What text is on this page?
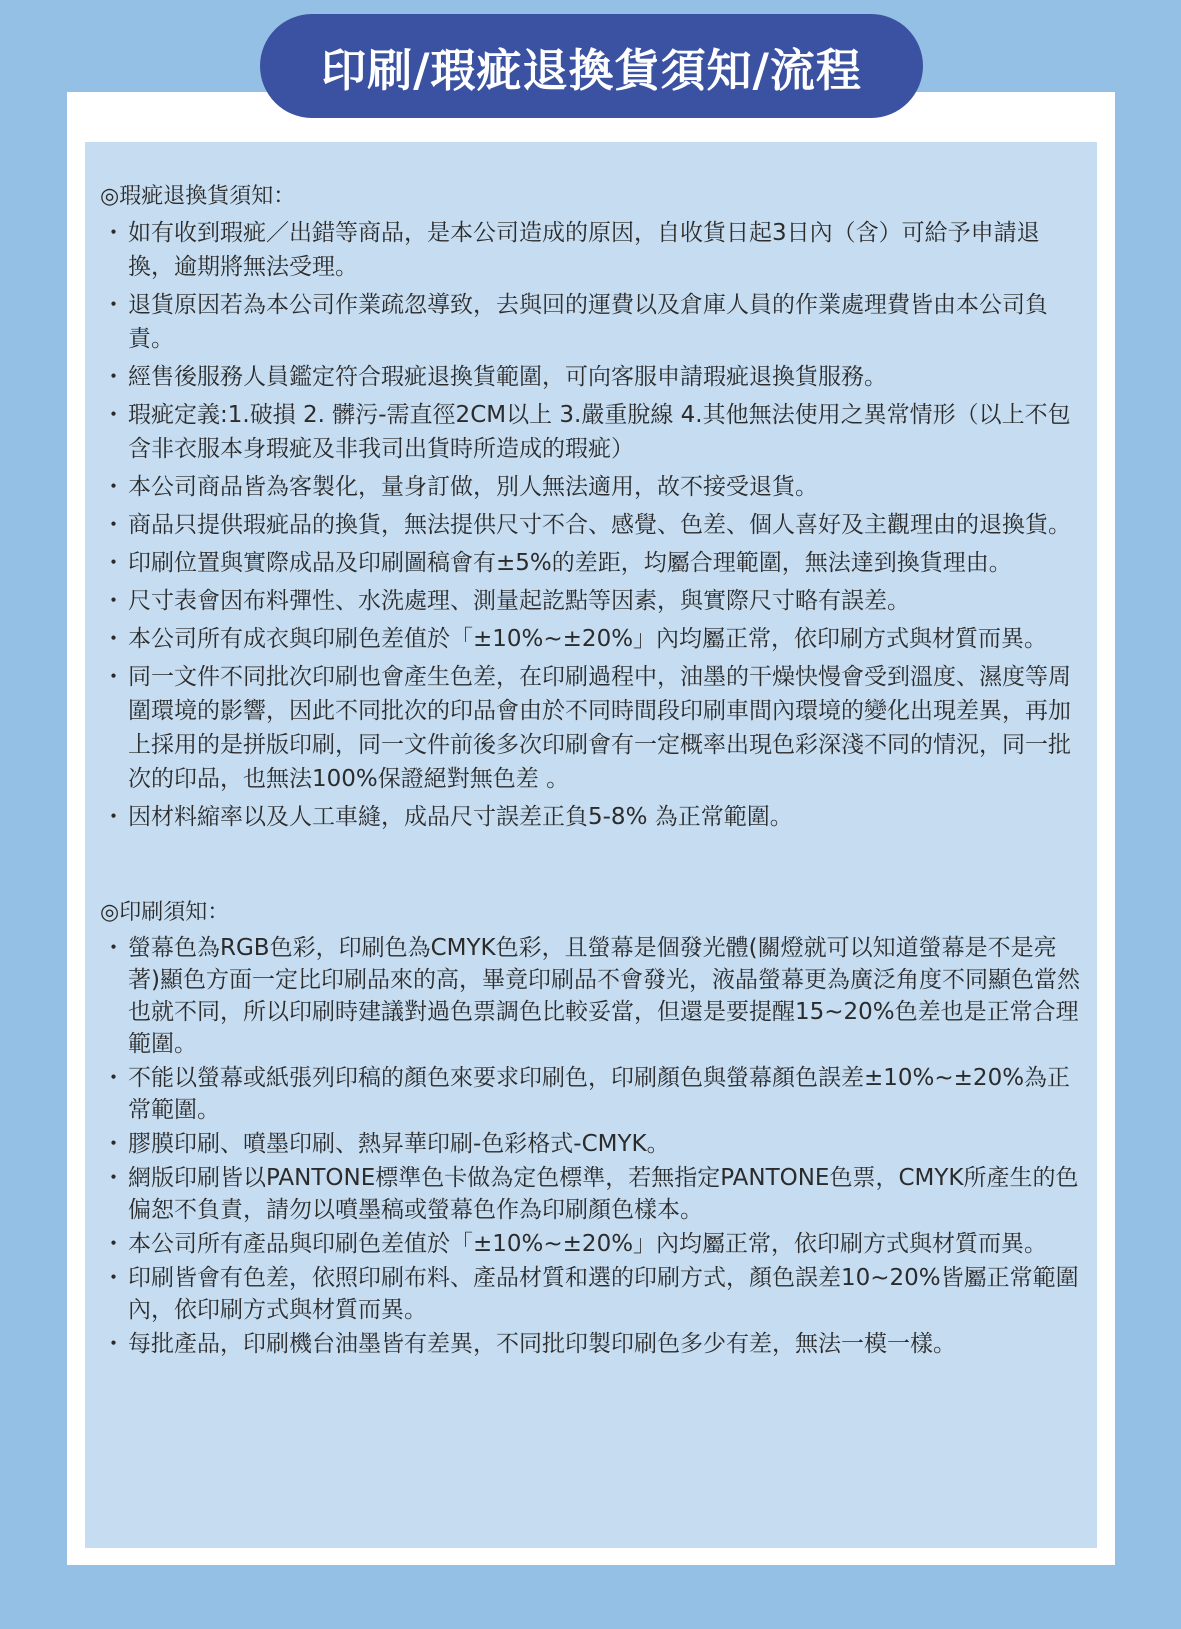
印刷/瑕疵退換貨須知/流程

◎瑕疵退換貨須知：

・ 如有收到瑕疵／出錯等商品，是本公司造成的原因，自收貨日起3日內（含）可給予申請退換，逾期將無法受理。
・ 退貨原因若為本公司作業疏忽導致，去與回的運費以及倉庫人員的作業處理費皆由本公司負責。
・ 經售後服務人員鑑定符合瑕疵退換貨範圍，可向客服申請瑕疵退換貨服務。
・ 瑕疵定義:1.破損 2. 髒污-需直徑2CM以上 3.嚴重脫線 4.其他無法使用之異常情形（以上不包含非衣服本身瑕疵及非我司出貨時所造成的瑕疵）
・ 本公司商品皆為客製化，量身訂做，別人無法適用，故不接受退貨。
・ 商品只提供瑕疵品的換貨，無法提供尺寸不合、感覺、色差、個人喜好及主觀理由的退換貨。
・ 印刷位置與實際成品及印刷圖稿會有±5%的差距，均屬合理範圍，無法達到換貨理由。
・ 尺寸表會因布料彈性、水洗處理、測量起訖點等因素，與實際尺寸略有誤差。
・ 本公司所有成衣與印刷色差值於「±10%~±20%」內均屬正常，依印刷方式與材質而異。
・ 同一文件不同批次印刷也會產生色差，在印刷過程中，油墨的干燥快慢會受到溫度、濕度等周圍環境的影響，因此不同批次的印品會由於不同時間段印刷車間內環境的變化出現差異，再加上採用的是拼版印刷，同一文件前後多次印刷會有一定概率出現色彩深淺不同的情況，同一批次的印品，也無法100%保證絕對無色差 。
・ 因材料縮率以及人工車縫，成品尺寸誤差正負5-8% 為正常範圍。

◎印刷須知：

・ 螢幕色為RGB色彩，印刷色為CMYK色彩，且螢幕是個發光體(關燈就可以知道螢幕是不是亮著)顯色方面一定比印刷品來的高，畢竟印刷品不會發光，液晶螢幕更為廣泛角度不同顯色當然也就不同，所以印刷時建議對過色票調色比較妥當，但還是要提醒15~20%色差也是正常合理範圍。
・ 不能以螢幕或紙張列印稿的顏色來要求印刷色，印刷顏色與螢幕顏色誤差±10%~±20%為正常範圍。
・ 膠膜印刷、噴墨印刷、熱昇華印刷-色彩格式-CMYK。
・ 網版印刷皆以PANTONE標準色卡做為定色標準，若無指定PANTONE色票，CMYK所產生的色偏恕不負責，請勿以噴墨稿或螢幕色作為印刷顏色樣本。
・ 本公司所有產品與印刷色差值於「±10%~±20%」內均屬正常，依印刷方式與材質而異。
・ 印刷皆會有色差，依照印刷布料、產品材質和選的印刷方式，顏色誤差10~20%皆屬正常範圍內，依印刷方式與材質而異。
・ 每批產品，印刷機台油墨皆有差異，不同批印製印刷色多少有差，無法一模一樣。
